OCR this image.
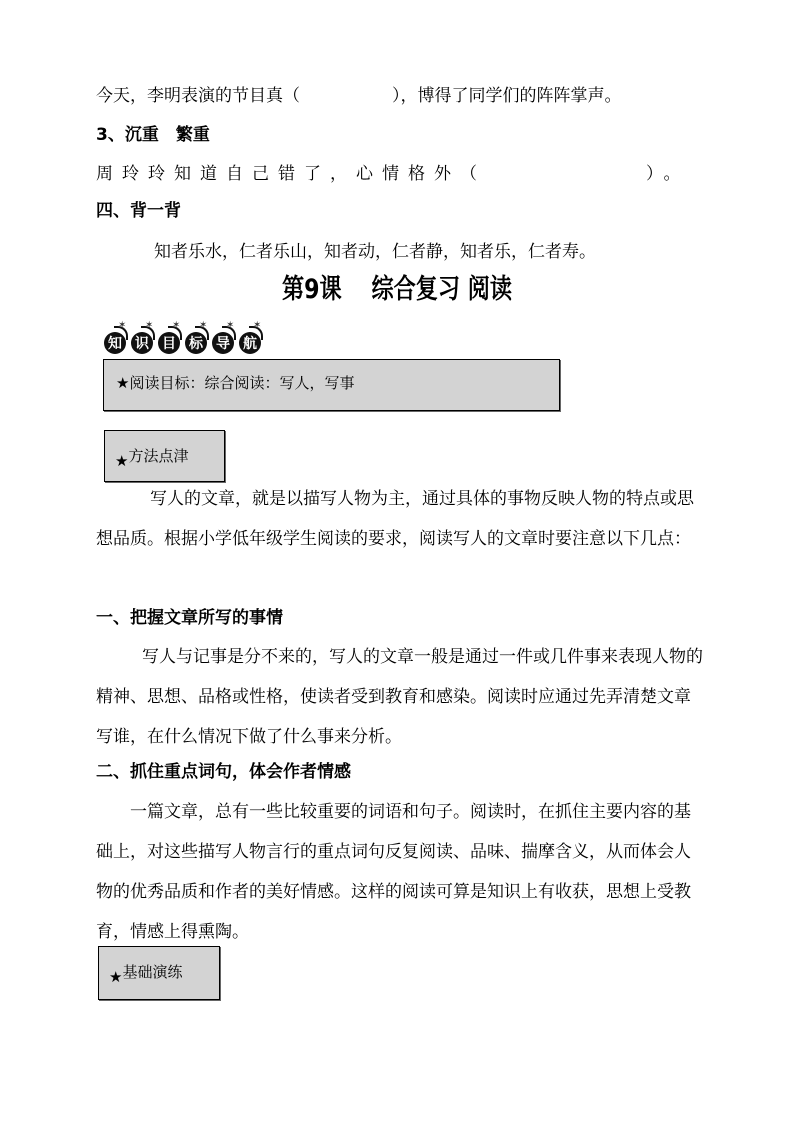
今天，李明表演的节目真（	），博得了同学们的阵阵掌声。
3、沉重　繁重
周玲玲知道自己错了，心情格外（	）。
四、背一背
知者乐水，仁者乐山，知者动，仁者静，知者乐，仁者寿。
第9课　 综合复习 阅读
✶
知
✶
识
✶
目
✶
标
✶
导
✶
航
★阅读目标：综合阅读：写人，写事
★方法点津
写人的文章，就是以描写人物为主，通过具体的事物反映人物的特点或思想品质。根据小学低年级学生阅读的要求，阅读写人的文章时要注意以下几点：
一、把握文章所写的事情
写人与记事是分不来的，写人的文章一般是通过一件或几件事来表现人物的精神、思想、品格或性格，使读者受到教育和感染。阅读时应通过先弄清楚文章写谁，在什么情况下做了什么事来分析。
二、抓住重点词句，体会作者情感
一篇文章，总有一些比较重要的词语和句子。阅读时，在抓住主要内容的基础上，对这些描写人物言行的重点词句反复阅读、品味、揣摩含义，从而体会人物的优秀品质和作者的美好情感。这样的阅读可算是知识上有收获，思想上受教育，情感上得熏陶。
★基础演练
